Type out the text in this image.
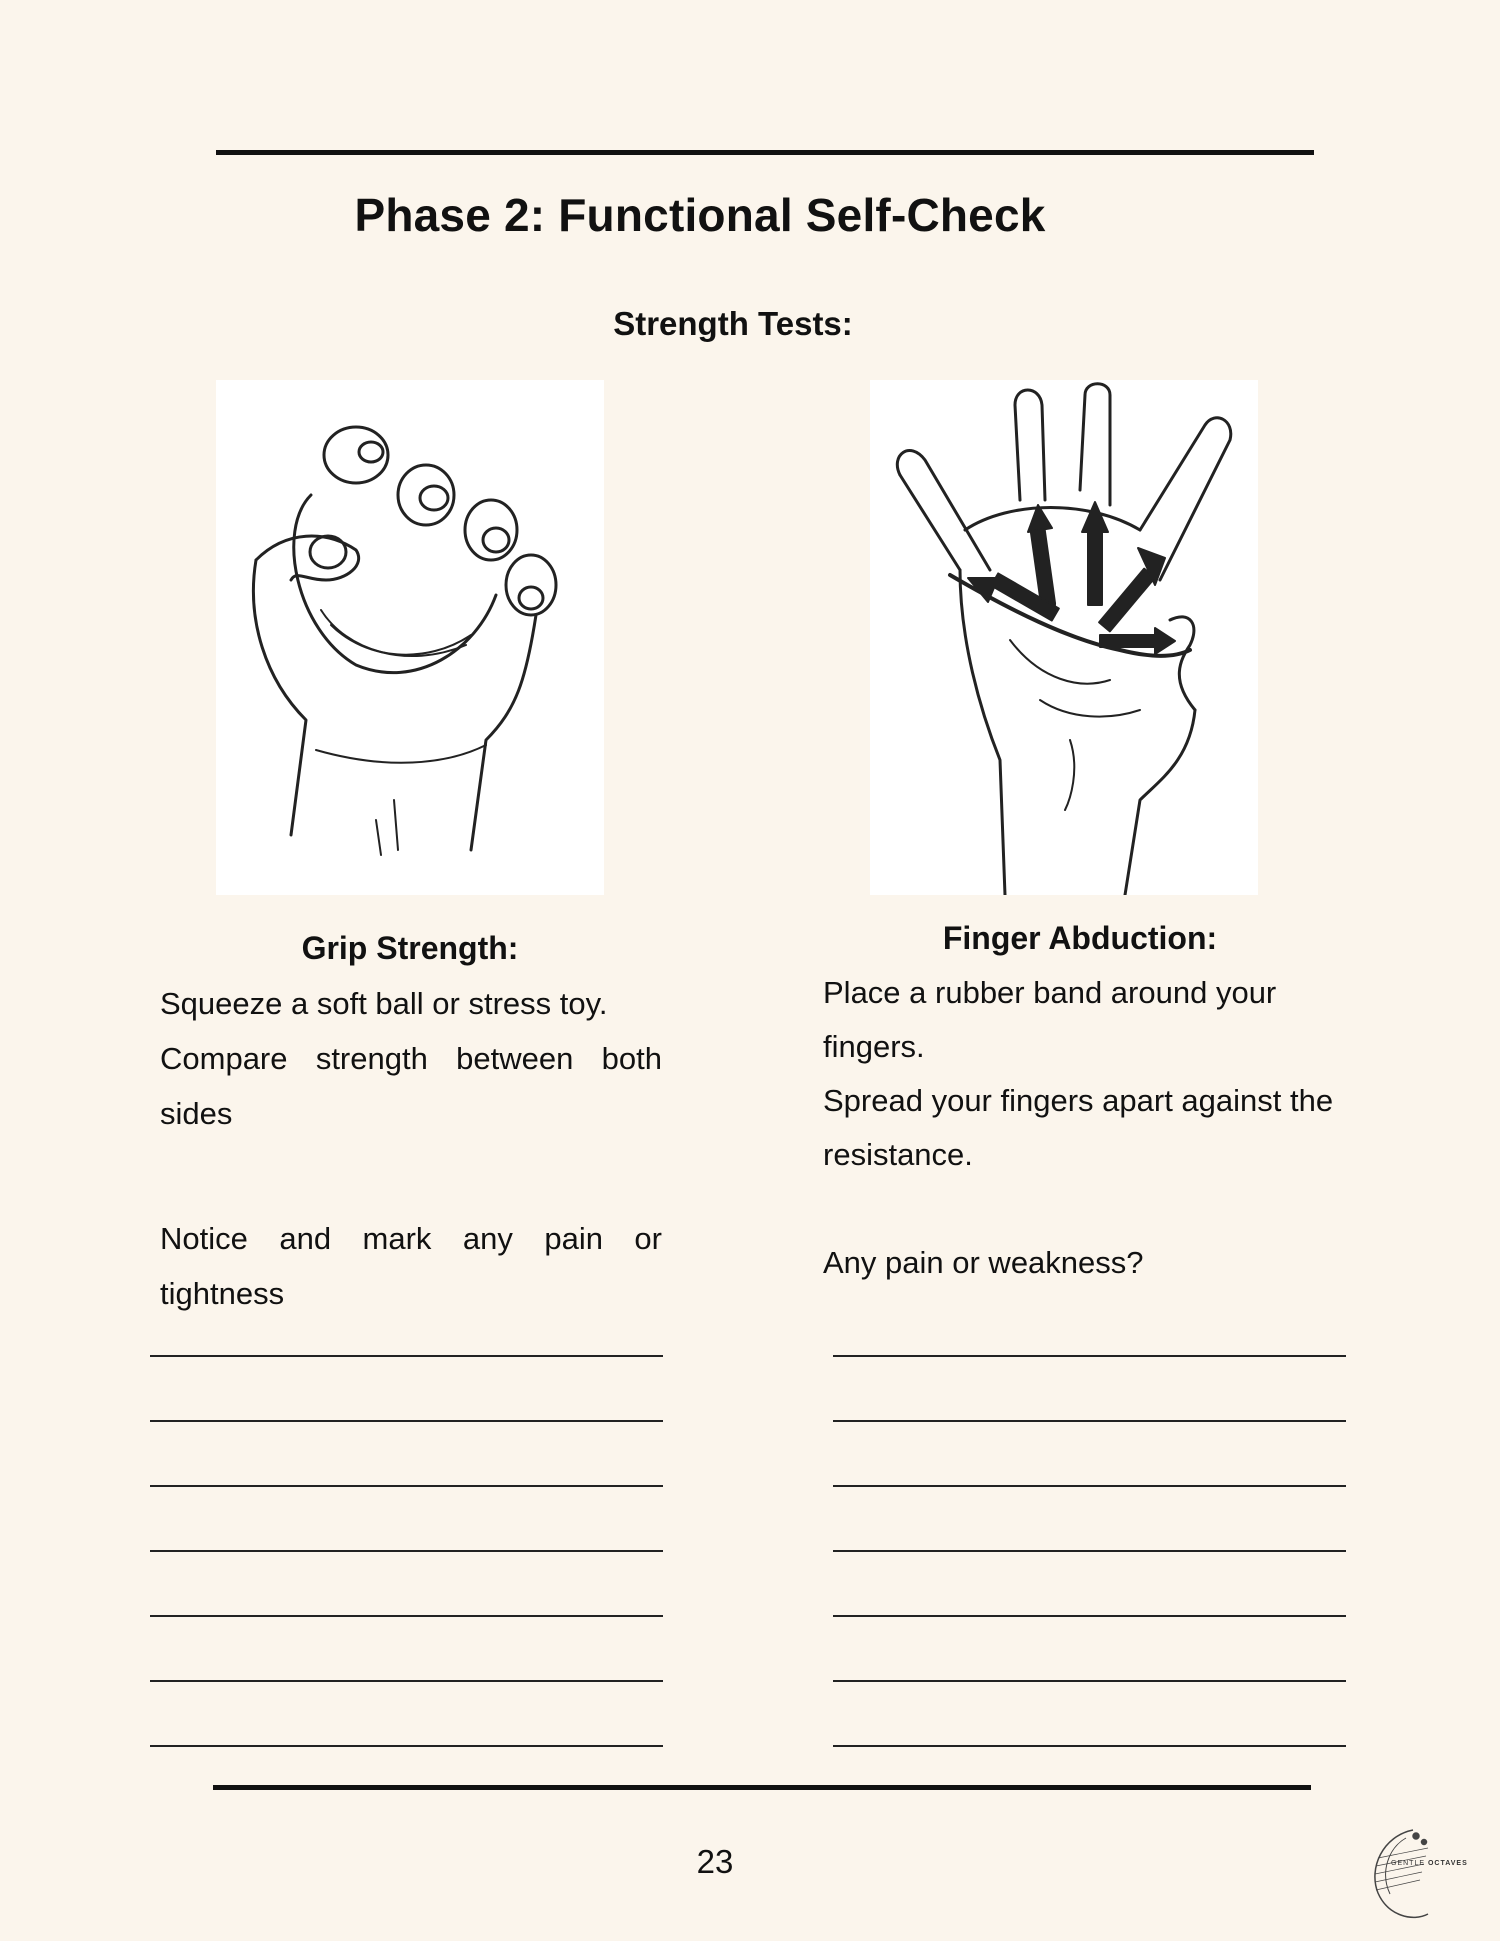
Phase 2: Functional Self-Check
Strength Tests:
Grip Strength:

Squeeze a soft ball or stress toy.

Compare strength between both sides

Notice and mark any pain or tightness

Finger Abduction:

Place a rubber band around your fingers.

Spread your fingers apart against the resistance.

Any pain or weakness?

23	GENTLE OCTAVES
